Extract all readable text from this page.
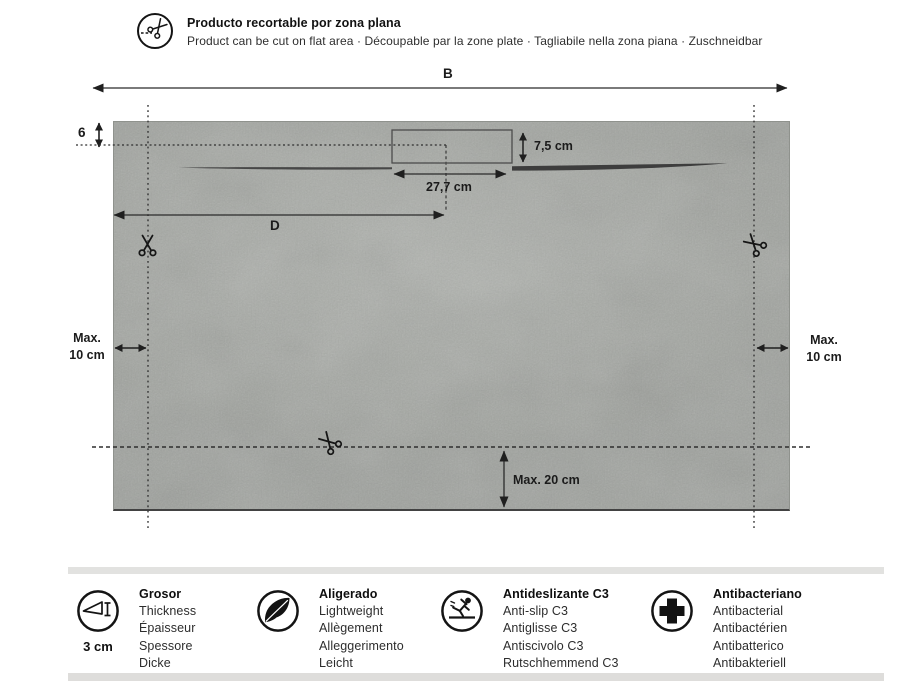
Producto recortable por zona plana
Product can be cut on flat area · Découpable par la zone plate · Tagliabile nella zona piana · Zuschneidbar
B
6
7,5 cm
27,7 cm
D
Max.
10 cm
Max.
10 cm
Max. 20 cm
3 cm
Grosor
Thickness
Épaisseur
Spessore
Dicke
Aligerado
Lightweight
Allègement
Alleggerimento
Leicht
Antideslizante C3
Anti-slip C3
Antiglisse C3
Antiscivolo C3
Rutschhemmend C3
Antibacteriano
Antibacterial
Antibactérien
Antibatterico
Antibakteriell
